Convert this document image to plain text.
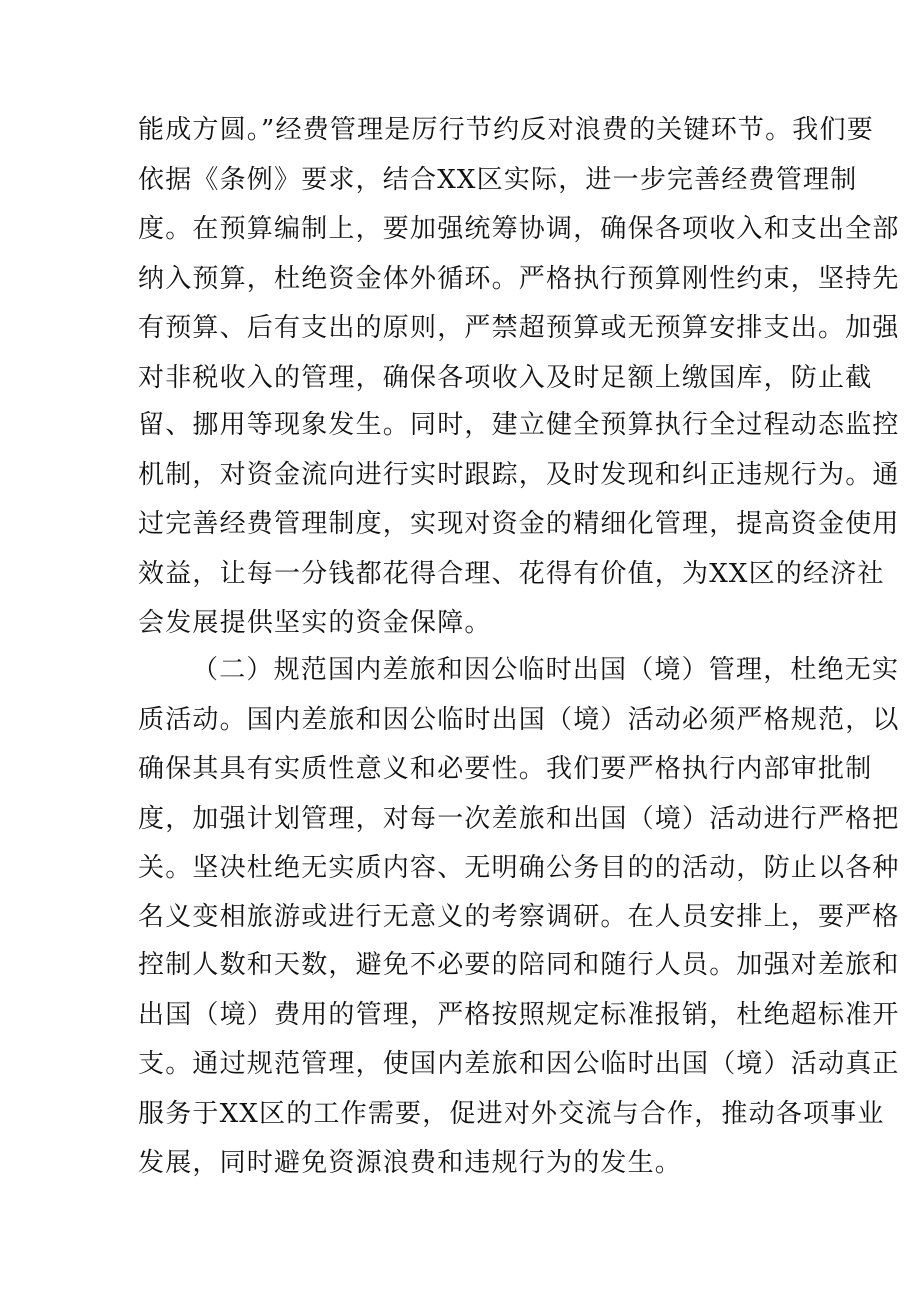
能成方圆。”经费管理是厉行节约反对浪费的关键环节。我们要
依据《条例》要求，结合XX区实际，进一步完善经费管理制
度。在预算编制上，要加强统筹协调，确保各项收入和支出全部
纳入预算，杜绝资金体外循环。严格执行预算刚性约束，坚持先
有预算、后有支出的原则，严禁超预算或无预算安排支出。加强
对非税收入的管理，确保各项收入及时足额上缴国库，防止截
留、挪用等现象发生。同时，建立健全预算执行全过程动态监控
机制，对资金流向进行实时跟踪，及时发现和纠正违规行为。通
过完善经费管理制度，实现对资金的精细化管理，提高资金使用
效益，让每一分钱都花得合理、花得有价值，为XX区的经济社
会发展提供坚实的资金保障。
（二）规范国内差旅和因公临时出国（境）管理，杜绝无实
质活动。国内差旅和因公临时出国（境）活动必须严格规范，以
确保其具有实质性意义和必要性。我们要严格执行内部审批制
度，加强计划管理，对每一次差旅和出国（境）活动进行严格把
关。坚决杜绝无实质内容、无明确公务目的的活动，防止以各种
名义变相旅游或进行无意义的考察调研。在人员安排上，要严格
控制人数和天数，避免不必要的陪同和随行人员。加强对差旅和
出国（境）费用的管理，严格按照规定标准报销，杜绝超标准开
支。通过规范管理，使国内差旅和因公临时出国（境）活动真正
服务于XX区的工作需要，促进对外交流与合作，推动各项事业
发展，同时避免资源浪费和违规行为的发生。
